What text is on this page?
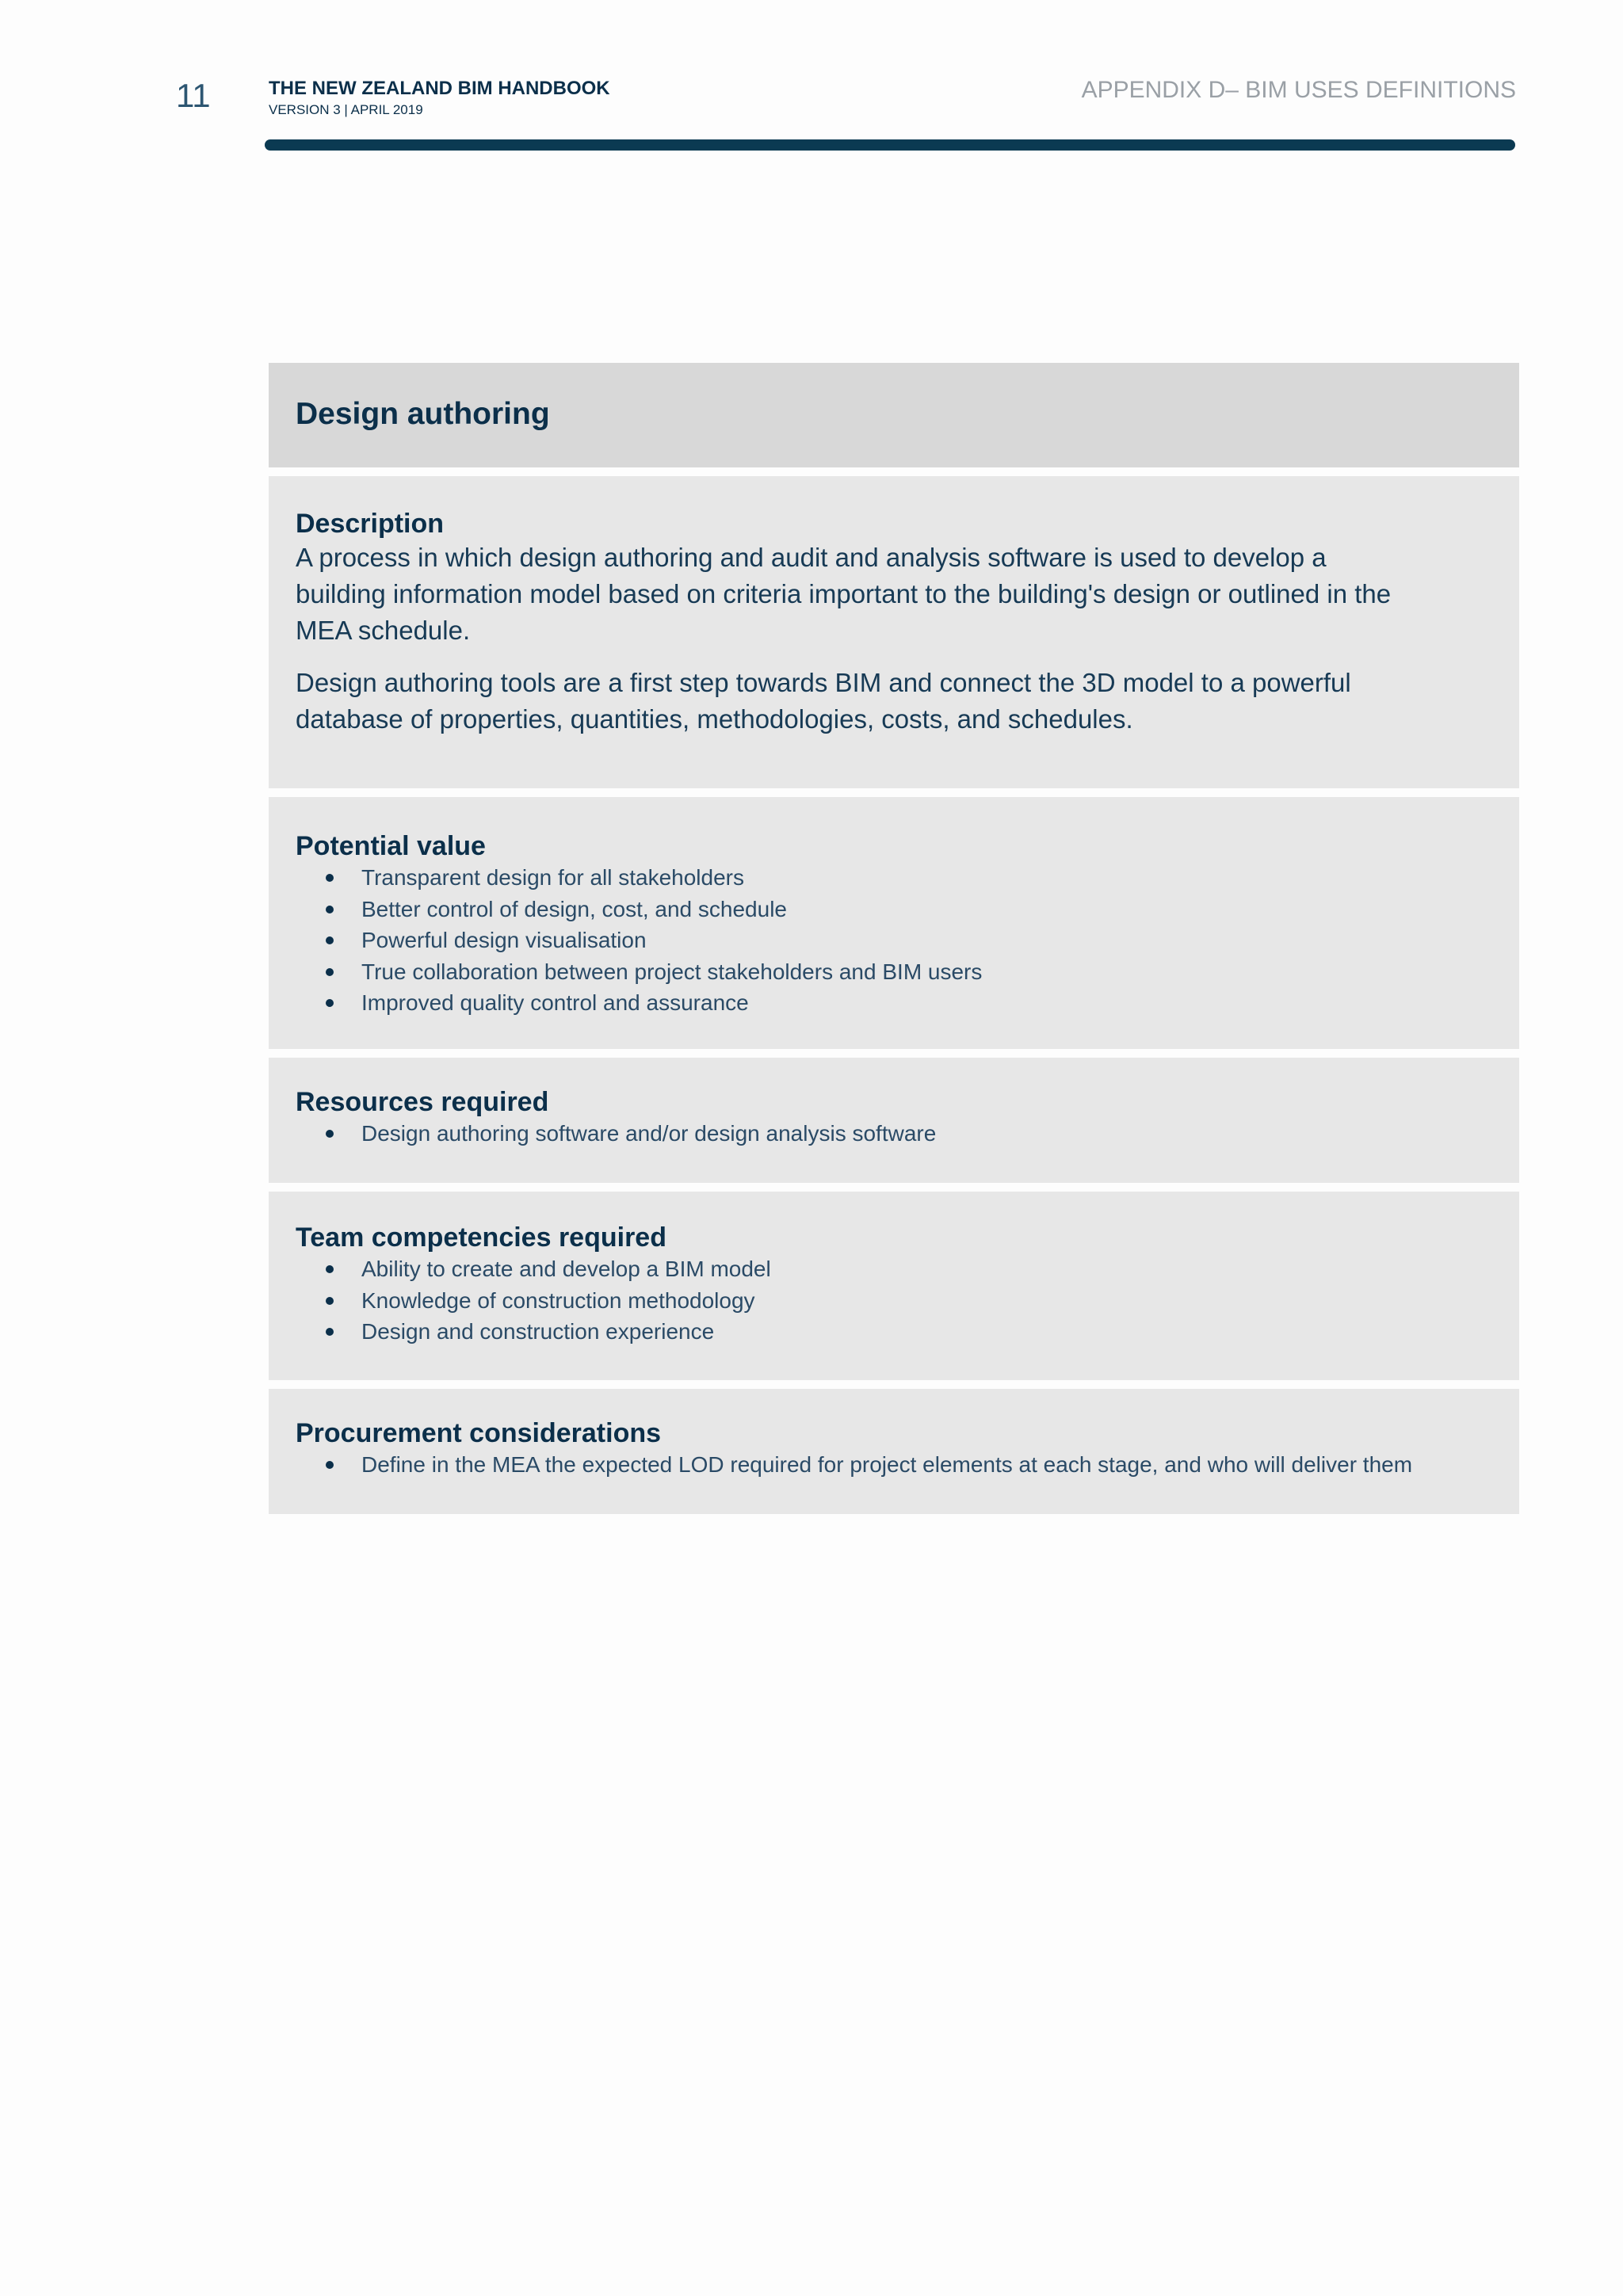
11	THE NEW ZEALAND BIM HANDBOOK
VERSION 3 | APRIL 2019
APPENDIX D– BIM USES DEFINITIONS
Design authoring
Description

A process in which design authoring and audit and analysis software is used to develop a building information model based on criteria important to the building's design or outlined in the MEA schedule.

Design authoring tools are a first step towards BIM and connect the 3D model to a powerful database of properties, quantities, methodologies, costs, and schedules.

Potential value
Transparent design for all stakeholders
Better control of design, cost, and schedule
Powerful design visualisation
True collaboration between project stakeholders and BIM users
Improved quality control and assurance
Resources required
Design authoring software and/or design analysis software
Team competencies required
Ability to create and develop a BIM model
Knowledge of construction methodology
Design and construction experience
Procurement considerations
Define in the MEA the expected LOD required for project elements at each stage, and who will deliver them
